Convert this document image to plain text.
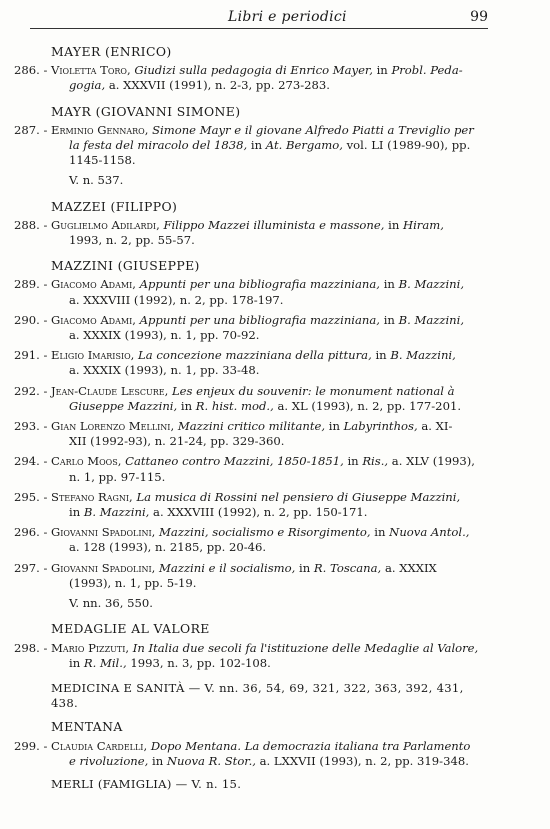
Libri e periodici	99
MAYER (ENRICO)
286. - Violetta Toro, Giudizi sulla pedagogia di Enrico Mayer, in Probl. Peda-
gogia, a. XXXVII (1991), n. 2-3, pp. 273-283.
MAYR (GIOVANNI SIMONE)
287. - Erminio Gennaro, Simone Mayr e il giovane Alfredo Piatti a Treviglio per
la festa del miracolo del 1838, in At. Bergamo, vol. LI (1989-90), pp.
1145-1158.
V. n. 537.
MAZZEI (FILIPPO)
288. - Guglielmo Adilardi, Filippo Mazzei illuminista e massone, in Hiram,
1993, n. 2, pp. 55-57.
MAZZINI (GIUSEPPE)
289. - Giacomo Adami, Appunti per una bibliografia mazziniana, in B. Mazzini,
a. XXXVIII (1992), n. 2, pp. 178-197.
290. - Giacomo Adami, Appunti per una bibliografia mazziniana, in B. Mazzini,
a. XXXIX (1993), n. 1, pp. 70-92.
291. - Eligio Imarisio, La concezione mazziniana della pittura, in B. Mazzini,
a. XXXIX (1993), n. 1, pp. 33-48.
292. - Jean-Claude Lescure, Les enjeux du souvenir: le monument national à
Giuseppe Mazzini, in R. hist. mod., a. XL (1993), n. 2, pp. 177-201.
293. - Gian Lorenzo Mellini, Mazzini critico militante, in Labyrinthos, a. XI-
XII (1992-93), n. 21-24, pp. 329-360.
294. - Carlo Moos, Cattaneo contro Mazzini, 1850-1851, in Ris., a. XLV (1993),
n. 1, pp. 97-115.
295. - Stefano Ragni, La musica di Rossini nel pensiero di Giuseppe Mazzini,
in B. Mazzini, a. XXXVIII (1992), n. 2, pp. 150-171.
296. - Giovanni Spadolini, Mazzini, socialismo e Risorgimento, in Nuova Antol.,
a. 128 (1993), n. 2185, pp. 20-46.
297. - Giovanni Spadolini, Mazzini e il socialismo, in R. Toscana, a. XXXIX
(1993), n. 1, pp. 5-19.
V. nn. 36, 550.
MEDAGLIE AL VALORE
298. - Mario Pizzuti, In Italia due secoli fa l'istituzione delle Medaglie al Valore,
in R. Mil., 1993, n. 3, pp. 102-108.
MEDICINA E SANITÀ — V. nn. 36, 54, 69, 321, 322, 363, 392, 431, 438.
MENTANA
299. - Claudia Cardelli, Dopo Mentana. La democrazia italiana tra Parlamento
e rivoluzione, in Nuova R. Stor., a. LXXVII (1993), n. 2, pp. 319-348.
MERLI (FAMIGLIA) — V. n. 15.
